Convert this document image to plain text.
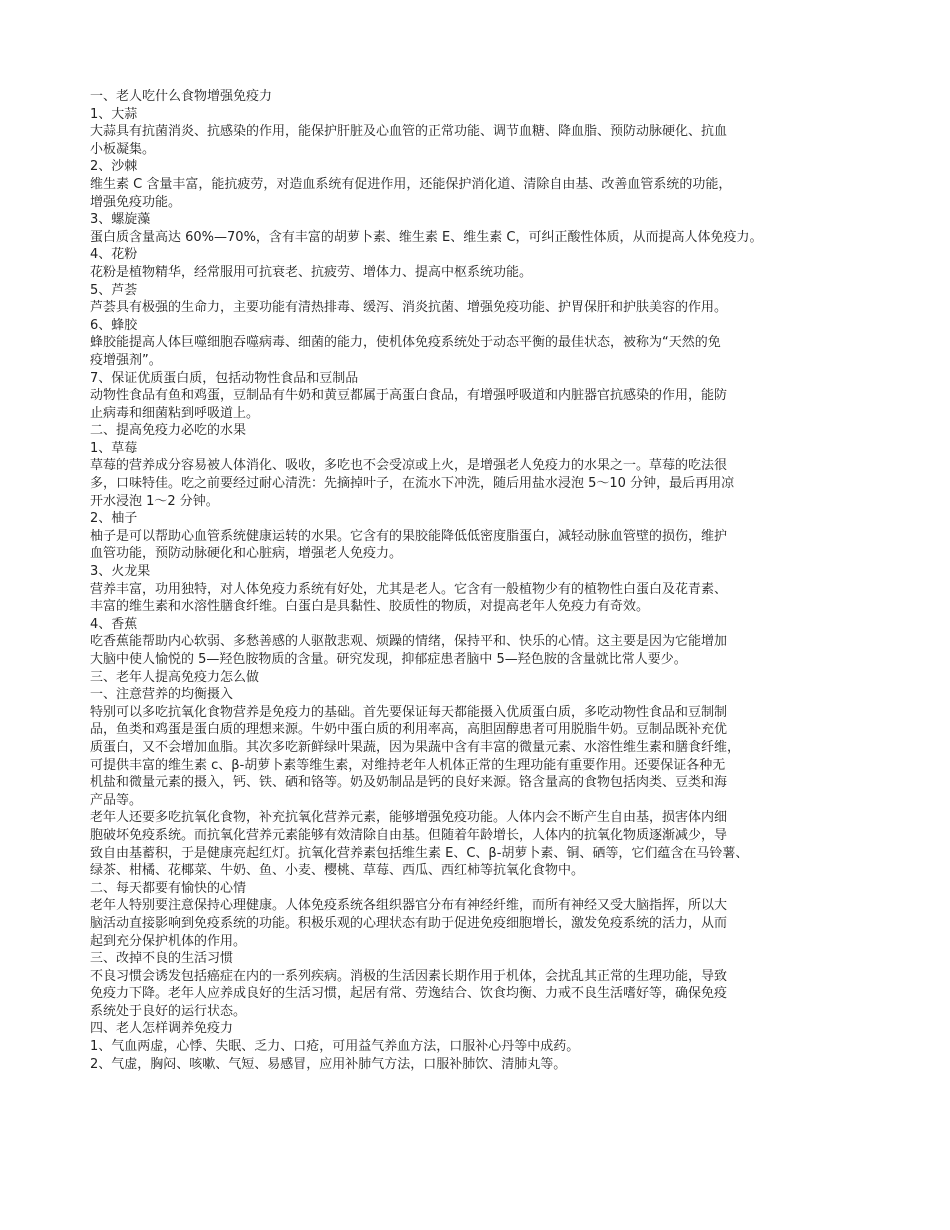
一、老人吃什么食物增强免疫力

1、大蒜

大蒜具有抗菌消炎、抗感染的作用，能保护肝脏及心血管的正常功能、调节血糖、降血脂、预防动脉硬化、抗血

小板凝集。

2、沙棘

维生素 C 含量丰富，能抗疲劳，对造血系统有促进作用，还能保护消化道、清除自由基、改善血管系统的功能，

增强免疫功能。

3、螺旋藻

蛋白质含量高达 60%—70%，含有丰富的胡萝卜素、维生素 E、维生素 C，可纠正酸性体质，从而提高人体免疫力。

4、花粉

花粉是植物精华，经常服用可抗衰老、抗疲劳、增体力、提高中枢系统功能。

5、芦荟

芦荟具有极强的生命力，主要功能有清热排毒、缓泻、消炎抗菌、增强免疫功能、护胃保肝和护肤美容的作用。

6、蜂胶

蜂胶能提高人体巨噬细胞吞噬病毒、细菌的能力，使机体免疫系统处于动态平衡的最佳状态，被称为“天然的免

疫增强剂”。

7、保证优质蛋白质，包括动物性食品和豆制品

动物性食品有鱼和鸡蛋，豆制品有牛奶和黄豆都属于高蛋白食品，有增强呼吸道和内脏器官抗感染的作用，能防

止病毒和细菌粘到呼吸道上。

二、提高免疫力必吃的水果

1、草莓

草莓的营养成分容易被人体消化、吸收，多吃也不会受凉或上火，是增强老人免疫力的水果之一。草莓的吃法很

多，口味特佳。吃之前要经过耐心清洗：先摘掉叶子，在流水下冲洗，随后用盐水浸泡 5～10 分钟，最后再用凉

开水浸泡 1～2 分钟。

2、柚子

柚子是可以帮助心血管系统健康运转的水果。它含有的果胶能降低低密度脂蛋白，减轻动脉血管壁的损伤，维护

血管功能，预防动脉硬化和心脏病，增强老人免疫力。

3、火龙果

营养丰富，功用独特，对人体免疫力系统有好处，尤其是老人。它含有一般植物少有的植物性白蛋白及花青素、

丰富的维生素和水溶性膳食纤维。白蛋白是具黏性、胶质性的物质，对提高老年人免疫力有奇效。

4、香蕉

吃香蕉能帮助内心软弱、多愁善感的人驱散悲观、烦躁的情绪，保持平和、快乐的心情。这主要是因为它能增加

大脑中使人愉悦的 5—羟色胺物质的含量。研究发现，抑郁症患者脑中 5—羟色胺的含量就比常人要少。

三、老年人提高免疫力怎么做

一、注意营养的均衡摄入

特别可以多吃抗氧化食物营养是免疫力的基础。首先要保证每天都能摄入优质蛋白质，多吃动物性食品和豆制制

品，鱼类和鸡蛋是蛋白质的理想来源。牛奶中蛋白质的利用率高，高胆固醇患者可用脱脂牛奶。豆制品既补充优

质蛋白，又不会增加血脂。其次多吃新鲜绿叶果蔬，因为果蔬中含有丰富的微量元素、水溶性维生素和膳食纤维，

可提供丰富的维生素 c、β-胡萝卜素等维生素，对维持老年人机体正常的生理功能有重要作用。还要保证各种无

机盐和微量元素的摄入，钙、铁、硒和铬等。奶及奶制品是钙的良好来源。铬含量高的食物包括肉类、豆类和海

产品等。

老年人还要多吃抗氧化食物，补充抗氧化营养元素，能够增强免疫功能。人体内会不断产生自由基，损害体内细

胞破坏免疫系统。而抗氧化营养元素能够有效清除自由基。但随着年龄增长，人体内的抗氧化物质逐渐减少，导

致自由基蓄积，于是健康亮起红灯。抗氧化营养素包括维生素 E、C、β-胡萝卜素、铜、硒等，它们蕴含在马铃薯、

绿茶、柑橘、花椰菜、牛奶、鱼、小麦、樱桃、草莓、西瓜、西红柿等抗氧化食物中。

二、每天都要有愉快的心情

老年人特别要注意保持心理健康。人体免疫系统各组织器官分布有神经纤维，而所有神经又受大脑指挥，所以大

脑活动直接影响到免疫系统的功能。积极乐观的心理状态有助于促进免疫细胞增长，激发免疫系统的活力，从而

起到充分保护机体的作用。

三、改掉不良的生活习惯

不良习惯会诱发包括癌症在内的一系列疾病。消极的生活因素长期作用于机体，会扰乱其正常的生理功能，导致

免疫力下降。老年人应养成良好的生活习惯，起居有常、劳逸结合、饮食均衡、力戒不良生活嗜好等，确保免疫

系统处于良好的运行状态。

四、老人怎样调养免疫力

1、气血两虚，心悸、失眠、乏力、口疮，可用益气养血方法，口服补心丹等中成药。

2、气虚，胸闷、咳嗽、气短、易感冒，应用补肺气方法，口服补肺饮、清肺丸等。
